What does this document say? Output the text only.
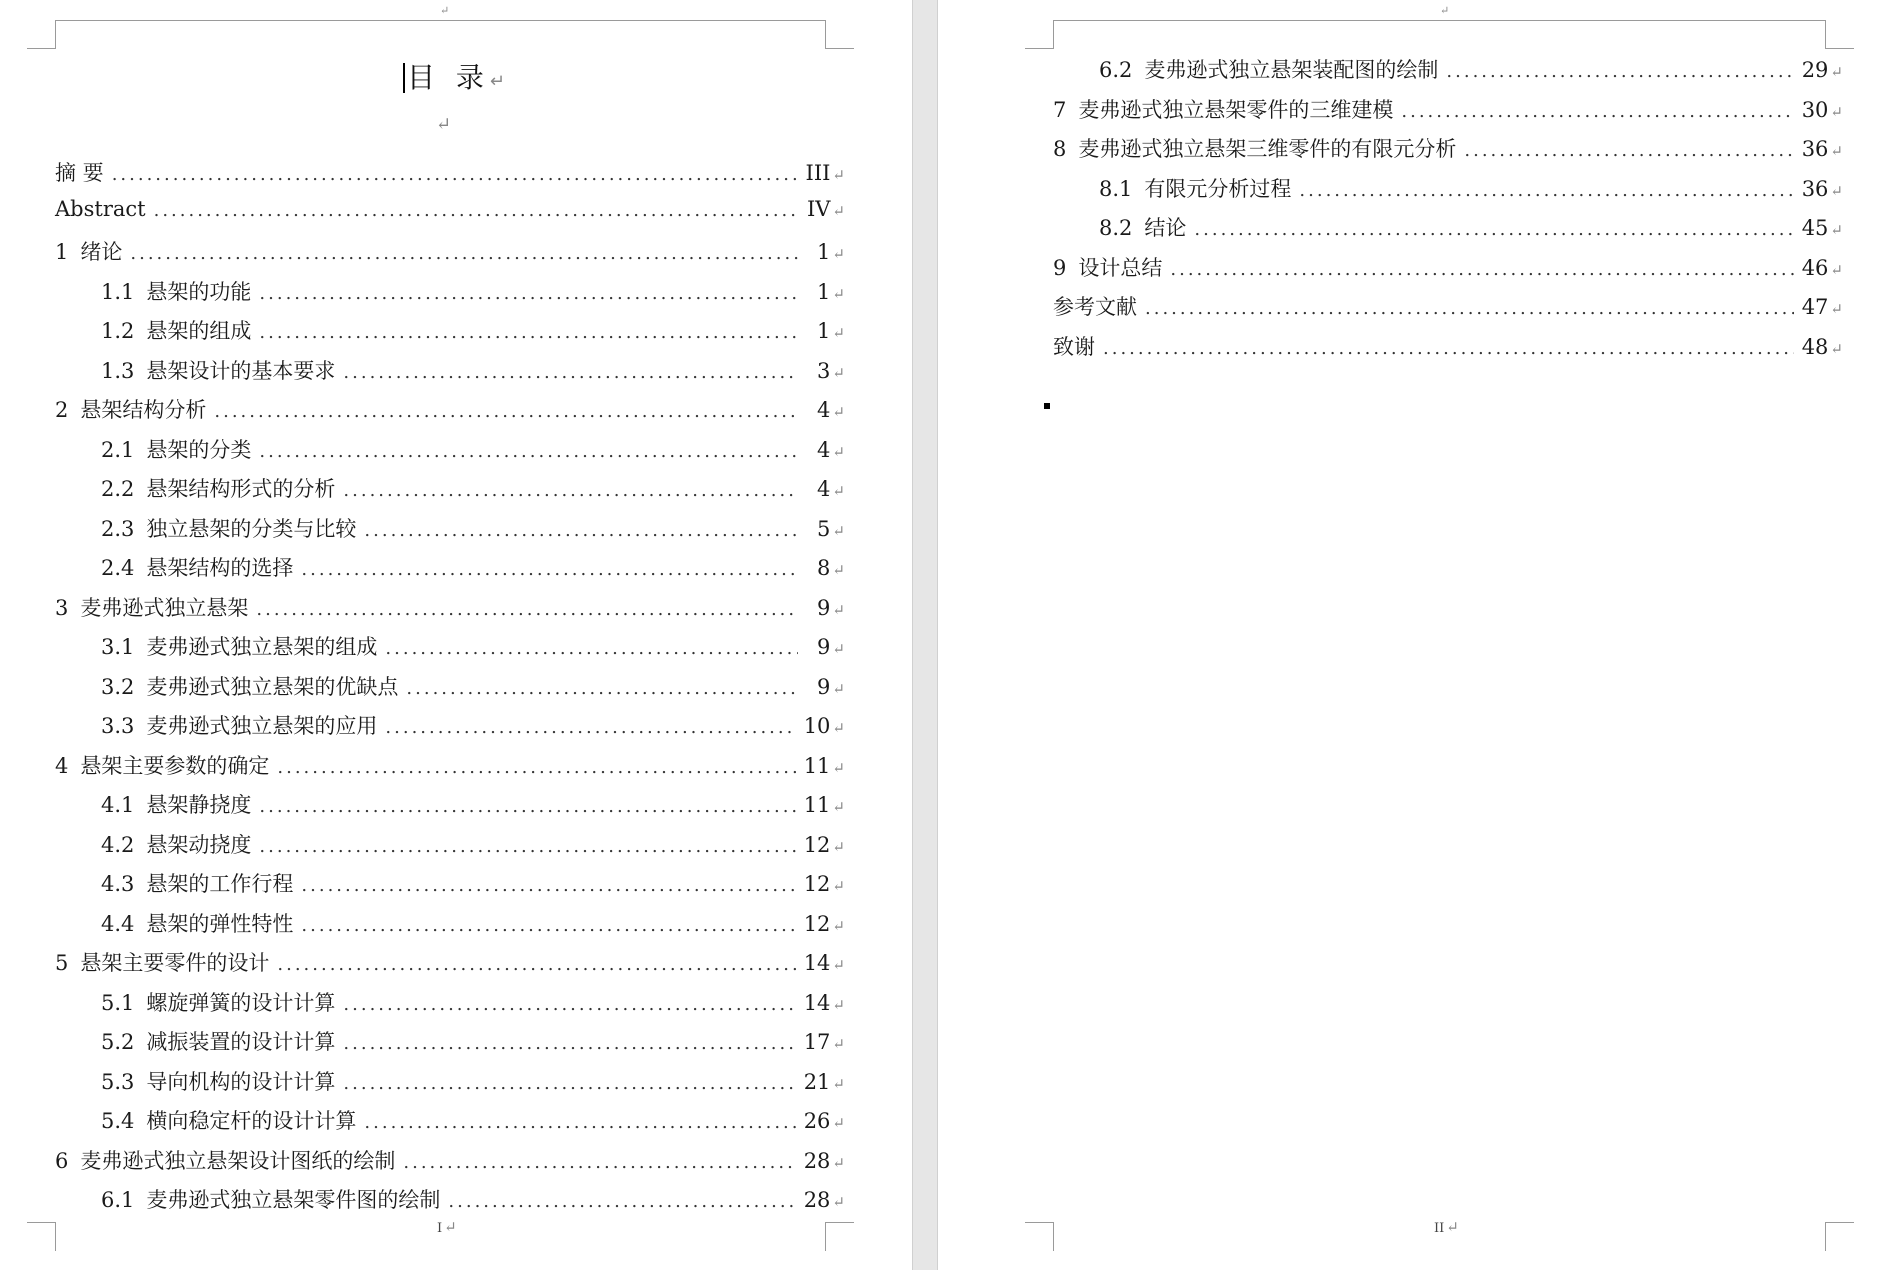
↵
目 录↵
↵
摘 要 .....	III ↵
Abstract .....	IV ↵
1 绪论 .....	1 ↵
1.1 悬架的功能 .....	1 ↵
1.2 悬架的组成 .....	1 ↵
1.3 悬架设计的基本要求 .....	3 ↵
2 悬架结构分析 .....	4 ↵
2.1 悬架的分类 .....	4 ↵
2.2 悬架结构形式的分析 .....	4 ↵
2.3 独立悬架的分类与比较 .....	5 ↵
2.4 悬架结构的选择 .....	8 ↵
3 麦弗逊式独立悬架 .....	9 ↵
3.1 麦弗逊式独立悬架的组成 .....	9 ↵
3.2 麦弗逊式独立悬架的优缺点 .....	9 ↵
3.3 麦弗逊式独立悬架的应用 .....	10 ↵
4 悬架主要参数的确定 .....	11 ↵
4.1 悬架静挠度 .....	11 ↵
4.2 悬架动挠度 .....	12 ↵
4.3 悬架的工作行程 .....	12 ↵
4.4 悬架的弹性特性 .....	12 ↵
5 悬架主要零件的设计 .....	14 ↵
5.1 螺旋弹簧的设计计算 .....	14 ↵
5.2 减振装置的设计计算 .....	17 ↵
5.3 导向机构的设计计算 .....	21 ↵
5.4 横向稳定杆的设计计算 .....	26 ↵
6 麦弗逊式独立悬架设计图纸的绘制 .....	28 ↵
6.1 麦弗逊式独立悬架零件图的绘制 .....	28 ↵
I ↵
↵
6.2 麦弗逊式独立悬架装配图的绘制 .....	29 ↵
7 麦弗逊式独立悬架零件的三维建模 .....	30 ↵
8 麦弗逊式独立悬架三维零件的有限元分析 .....	36 ↵
8.1 有限元分析过程 .....	36 ↵
8.2 结论 .....	45 ↵
9 设计总结 .....	46 ↵
参考文献 .....	47 ↵
致谢 .....	48 ↵
II ↵
